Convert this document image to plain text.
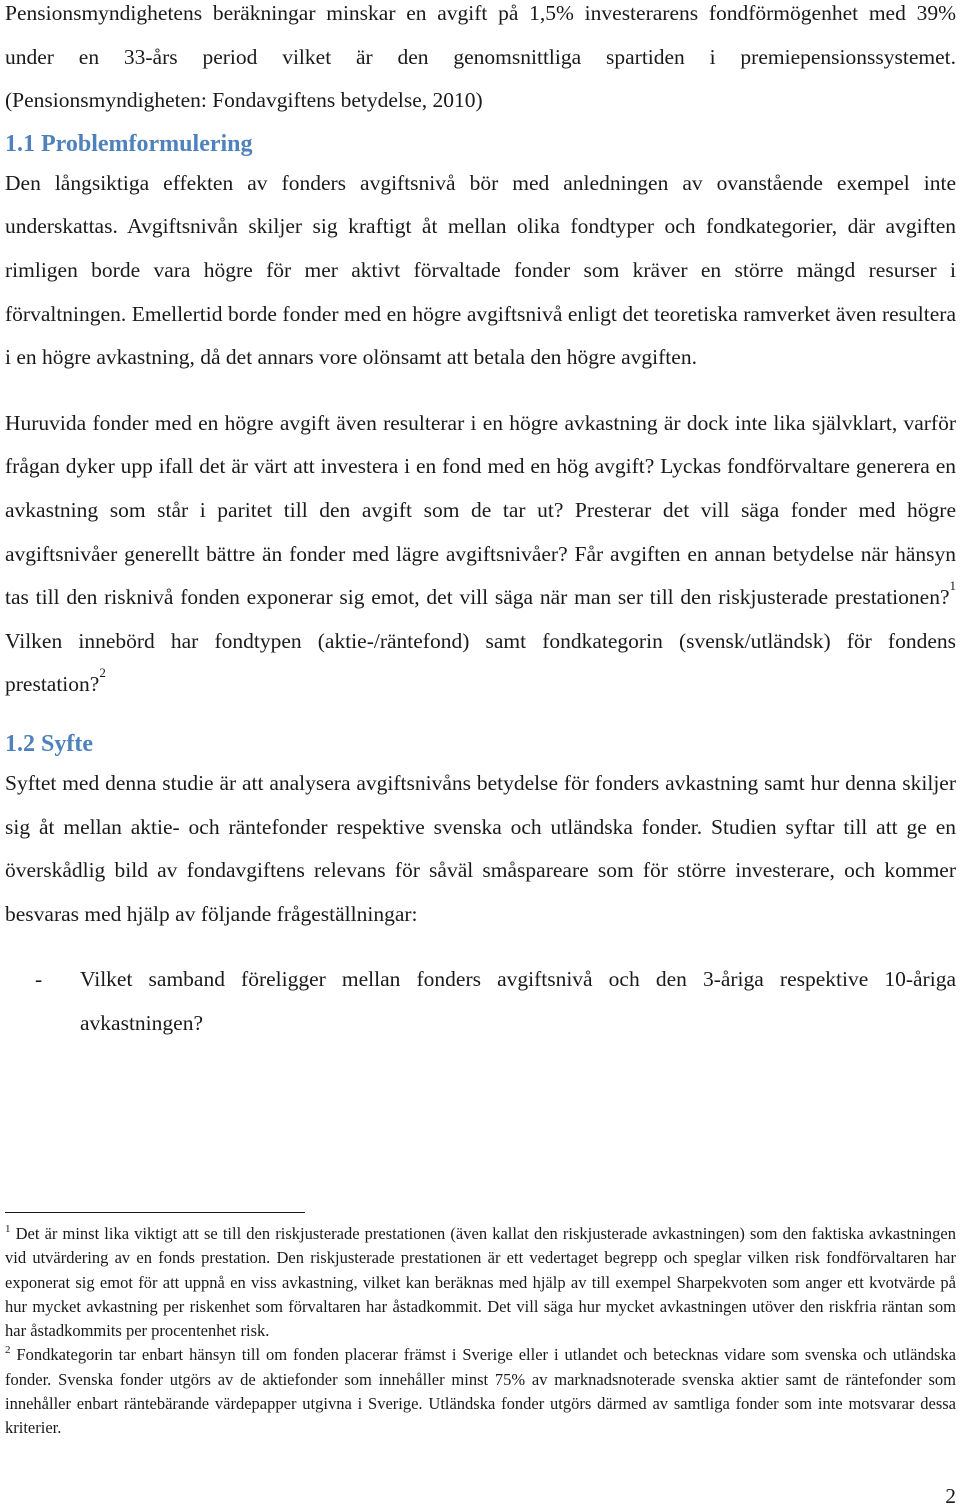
Pensionsmyndighetens beräkningar minskar en avgift på 1,5% investerarens fondförmögenhet med 39% under en 33-års period vilket är den genomsnittliga spartiden i premiepensionssystemet. (Pensionsmyndigheten: Fondavgiftens betydelse, 2010)

1.1 Problemformulering

Den långsiktiga effekten av fonders avgiftsnivå bör med anledningen av ovanstående exempel inte underskattas. Avgiftsnivån skiljer sig kraftigt åt mellan olika fondtyper och fondkategorier, där avgiften rimligen borde vara högre för mer aktivt förvaltade fonder som kräver en större mängd resurser i förvaltningen. Emellertid borde fonder med en högre avgiftsnivå enligt det teoretiska ramverket även resultera i en högre avkastning, då det annars vore olönsamt att betala den högre avgiften.

Huruvida fonder med en högre avgift även resulterar i en högre avkastning är dock inte lika självklart, varför frågan dyker upp ifall det är värt att investera i en fond med en hög avgift? Lyckas fondförvaltare generera en avkastning som står i paritet till den avgift som de tar ut? Presterar det vill säga fonder med högre avgiftsnivåer generellt bättre än fonder med lägre avgiftsnivåer? Får avgiften en annan betydelse när hänsyn tas till den risknivå fonden exponerar sig emot, det vill säga när man ser till den riskjusterade prestationen?$^1$ Vilken innebörd har fondtypen (aktie-/räntefond) samt fondkategorin (svensk/utländsk) för fondens prestation?$^2$

1.2 Syfte

Syftet med denna studie är att analysera avgiftsnivåns betydelse för fonders avkastning samt hur denna skiljer sig åt mellan aktie- och räntefonder respektive svenska och utländska fonder. Studien syftar till att ge en överskådlig bild av fondavgiftens relevans för såväl småspareare som för större investerare, och kommer besvaras med hjälp av följande frågeställningar:

-	Vilket samband föreligger mellan fonders avgiftsnivå och den 3-åriga respektive 10-åriga avkastningen?

$^1$ Det är minst lika viktigt att se till den riskjusterade prestationen (även kallat den riskjusterade avkastningen) som den faktiska avkastningen vid utvärdering av en fonds prestation. Den riskjusterade prestationen är ett vedertaget begrepp och speglar vilken risk fondförvaltaren har exponerat sig emot för att uppnå en viss avkastning, vilket kan beräknas med hjälp av till exempel Sharpekvoten som anger ett kvotvärde på hur mycket avkastning per riskenhet som förvaltaren har åstadkommit. Det vill säga hur mycket avkastningen utöver den riskfria räntan som har åstadkommits per procentenhet risk.

$^2$ Fondkategorin tar enbart hänsyn till om fonden placerar främst i Sverige eller i utlandet och betecknas vidare som svenska och utländska fonder. Svenska fonder utgörs av de aktiefonder som innehåller minst 75% av marknadsnoterade svenska aktier samt de räntefonder som innehåller enbart räntebärande värdepapper utgivna i Sverige. Utländska fonder utgörs därmed av samtliga fonder som inte motsvarar dessa kriterier.

2
